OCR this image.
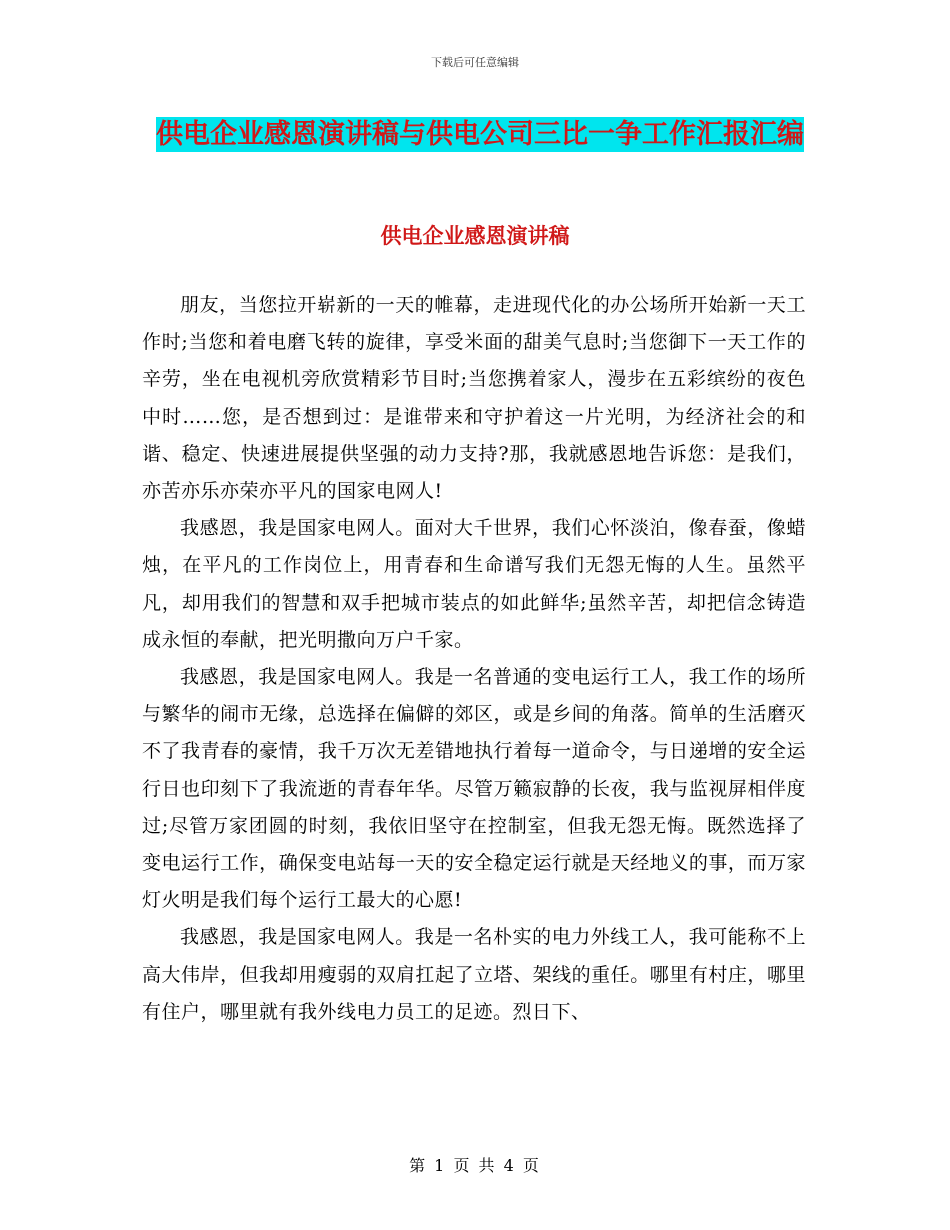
下载后可任意编辑
供电企业感恩演讲稿与供电公司三比一争工作汇报汇编
供电企业感恩演讲稿

朋友，当您拉开崭新的一天的帷幕，走进现代化的办公场所开始新一天工作时;当您和着电磨飞转的旋律，享受米面的甜美气息时;当您御下一天工作的辛劳，坐在电视机旁欣赏精彩节目时;当您携着家人，漫步在五彩缤纷的夜色中时……您，是否想到过：是谁带来和守护着这一片光明，为经济社会的和谐、稳定、快速进展提供坚强的动力支持?那，我就感恩地告诉您：是我们，亦苦亦乐亦荣亦平凡的国家电网人!

我感恩，我是国家电网人。面对大千世界，我们心怀淡泊，像春蚕，像蜡烛，在平凡的工作岗位上，用青春和生命谱写我们无怨无悔的人生。虽然平凡，却用我们的智慧和双手把城市装点的如此鲜华;虽然辛苦，却把信念铸造成永恒的奉献，把光明撒向万户千家。

我感恩，我是国家电网人。我是一名普通的变电运行工人，我工作的场所与繁华的闹市无缘，总选择在偏僻的郊区，或是乡间的角落。简单的生活磨灭不了我青春的豪情，我千万次无差错地执行着每一道命令，与日递增的安全运行日也印刻下了我流逝的青春年华。尽管万籁寂静的长夜，我与监视屏相伴度过;尽管万家团圆的时刻，我依旧坚守在控制室，但我无怨无悔。既然选择了变电运行工作，确保变电站每一天的安全稳定运行就是天经地义的事，而万家灯火明是我们每个运行工最大的心愿!

我感恩，我是国家电网人。我是一名朴实的电力外线工人，我可能称不上高大伟岸，但我却用瘦弱的双肩扛起了立塔、架线的重任。哪里有村庄，哪里有住户，哪里就有我外线电力员工的足迹。烈日下、

第 1 页 共 4 页
